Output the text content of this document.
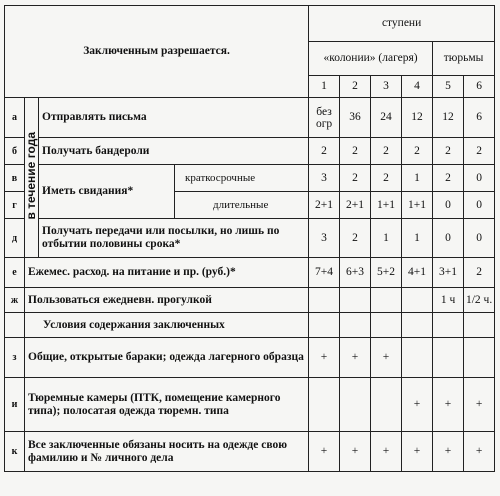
Заключенным разрешается.				ступени					
				«колонии» (лагеря)				тюрьмы	
				1	2	3	4	5	6
а	в течение года	Отправлять письма		без огр	36	24	12	12	6
б		Получать бандероли		2	2	2	2	2	2
в		Иметь свидания*	краткосрочные	3	2	2	1	2	0
г			длительные	2+1	2+1	1+1	1+1	0	0
д		Получать передачи или посылки, но лишь по отбытии половины срока*		3	2	1	1	0	0
е	Ежемес. расход. на питание и пр. (руб.)*			7+4	6+3	5+2	4+1	3+1	2
ж	Пользоваться ежедневн. прогулкой							1 ч	1/2 ч.
	Условия содержания заключенных								
з	Общие, открытые бараки; одежда лагерного образца			+	+	+			
и	Тюремные камеры (ПТК, помещение камерного типа); полосатая одежда тюремн. типа						+	+	+
к	Все заключенные обязаны носить на одежде свою фамилию и № личного дела			+	+	+	+	+	+
